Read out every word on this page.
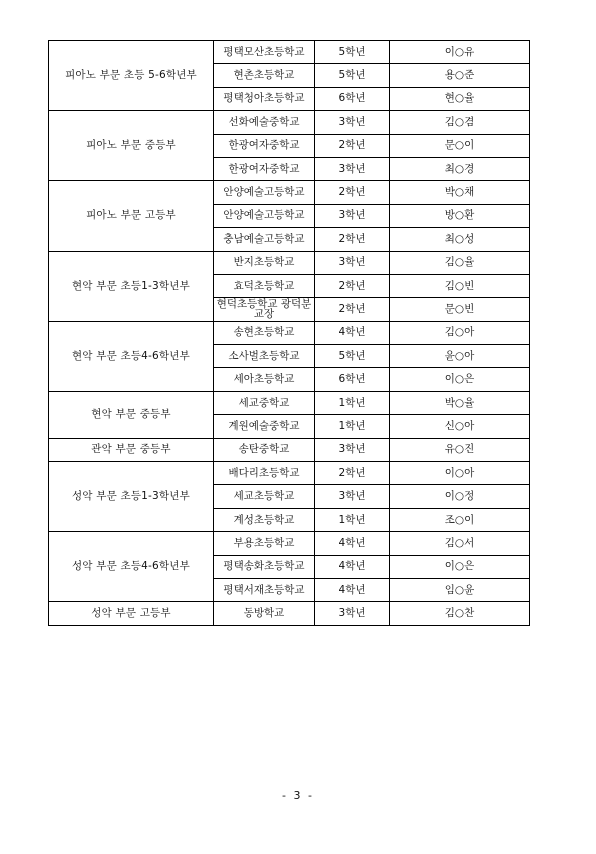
피아노 부문 초등 5-6학년부	평택모산초등학교	5학년	이○유
	현촌초등학교	5학년	용○준
	평택청아초등학교	6학년	현○율
피아노 부문 중등부	선화예술중학교	3학년	김○겸
	한광여자중학교	2학년	문○이
	한광여자중학교	3학년	최○경
피아노 부문 고등부	안양예술고등학교	2학년	박○채
	안양예술고등학교	3학년	방○환
	충남예술고등학교	2학년	최○성
현악 부문 초등1-3학년부	반지초등학교	3학년	김○율
	효덕초등학교	2학년	김○빈
	현덕초등학교 광덕분교장	2학년	문○빈
현악 부문 초등4-6학년부	송현초등학교	4학년	김○아
	소사벌초등학교	5학년	윤○아
	세아초등학교	6학년	이○은
현악 부문 중등부	세교중학교	1학년	박○율
	계원예술중학교	1학년	신○아
관악 부문 중등부	송탄중학교	3학년	유○진
성악 부문 초등1-3학년부	배다리초등학교	2학년	이○아
	세교초등학교	3학년	이○정
	계성초등학교	1학년	조○이
성악 부문 초등4-6학년부	부용초등학교	4학년	김○서
	평택송화초등학교	4학년	이○은
	평택서재초등학교	4학년	임○윤
성악 부문 고등부	동방학교	3학년	김○찬
- 3 -
